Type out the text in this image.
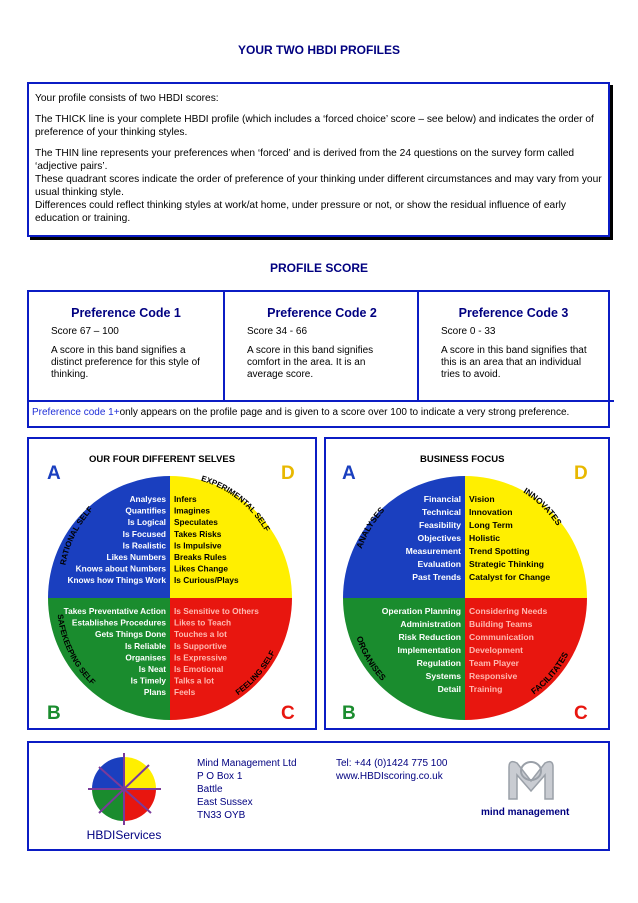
YOUR TWO HBDI PROFILES

Your profile consists of two HBDI scores:

The THICK line is your complete HBDI profile (which includes a ‘forced choice’ score – see below) and indicates the order of preference of your thinking styles.

The THIN line represents your preferences when ‘forced’ and is derived from the 24 questions on the survey form called ‘adjective pairs’.

These quadrant scores indicate the order of preference of your thinking under different circumstances and may vary from your usual thinking style.

Differences could reflect thinking styles at work/at home, under pressure or not, or show the residual influence of early education or training.

PROFILE SCORE
Preference Code 1
Score 67 – 100
A score in this band signifies a distinct preference for this style of thinking.
Preference Code 2
Score 34 - 66
A score in this band signifies comfort in the area. It is an average score.
Preference Code 3
Score 0 - 33
A score in this band signifies that this is an area that an individual tries to avoid.
Preference code 1+only appears on the profile page and is given to a score over 100 to indicate a very strong preference.
OUR FOUR DIFFERENT SELVES
Analyses
Quantifies
Is Logical
Is Focused
Is Realistic
Likes Numbers
Knows about Numbers
Knows how Things Work
Infers
Imagines
Speculates
Takes Risks
Is Impulsive
Breaks Rules
Likes Change
Is Curious/Plays
Takes Preventative Action
Establishes Procedures
Gets Things Done
Is Reliable
Organises
Is Neat
Is Timely
Plans
Is Sensitive to Others
Likes to Teach
Touches a lot
Is Supportive
Is Expressive
Is Emotional
Talks a lot
Feels
A	D
B	C
RATIONAL SELF
EXPERIMENTAL SELF
SAFEKEEPING SELF
FEELING SELF
BUSINESS FOCUS
Financial
Technical
Feasibility
Objectives
Measurement
Evaluation
Past Trends
Vision
Innovation
Long Term
Holistic
Trend Spotting
Strategic Thinking
Catalyst for Change
Operation Planning
Administration
Risk Reduction
Implementation
Regulation
Systems
Detail
Considering Needs
Building Teams
Communication
Development
Team Player
Responsive
Training
A	D
B	C
ANALYSES
INNOVATES
ORGANISES
FACILITATES
HBDIServices
Mind Management Ltd
P O Box 1
Battle
East Sussex
TN33 OYB
Tel: +44 (0)1424 775 100
www.HBDIscoring.co.uk
mind management
